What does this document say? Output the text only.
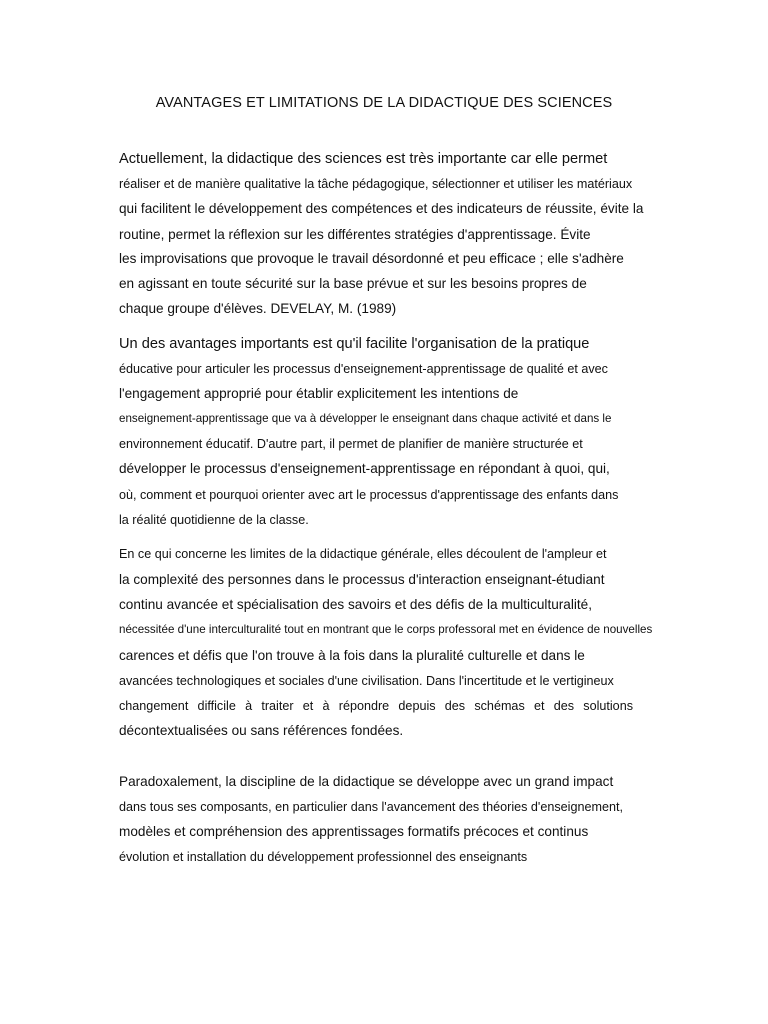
AVANTAGES ET LIMITATIONS DE LA DIDACTIQUE DES SCIENCES
Actuellement, la didactique des sciences est très importante car elle permet
réaliser et de manière qualitative la tâche pédagogique, sélectionner et utiliser les matériaux
qui facilitent le développement des compétences et des indicateurs de réussite, évite la
routine, permet la réflexion sur les différentes stratégies d'apprentissage. Évite
les improvisations que provoque le travail désordonné et peu efficace ; elle s'adhère
en agissant en toute sécurité sur la base prévue et sur les besoins propres de
chaque groupe d'élèves. DEVELAY, M. (1989)
Un des avantages importants est qu'il facilite l'organisation de la pratique
éducative pour articuler les processus d'enseignement-apprentissage de qualité et avec
l'engagement approprié pour établir explicitement les intentions de
enseignement-apprentissage que va à développer le enseignant dans chaque activité et dans le
environnement éducatif. D'autre part, il permet de planifier de manière structurée et
développer le processus d'enseignement-apprentissage en répondant à quoi, qui,
où, comment et pourquoi orienter avec art le processus d'apprentissage des enfants dans
la réalité quotidienne de la classe.
En ce qui concerne les limites de la didactique générale, elles découlent de l'ampleur et
la complexité des personnes dans le processus d'interaction enseignant-étudiant
continu avancée et spécialisation des savoirs et des défis de la multiculturalité,
nécessitée d'une interculturalité tout en montrant que le corps professoral met en évidence de nouvelles
carences et défis que l'on trouve à la fois dans la pluralité culturelle et dans le
avancées technologiques et sociales d'une civilisation. Dans l'incertitude et le vertigineux
changement difficile à traiter et à répondre depuis des schémas et des solutions
décontextualisées ou sans références fondées.
Paradoxalement, la discipline de la didactique se développe avec un grand impact
dans tous ses composants, en particulier dans l'avancement des théories d'enseignement,
modèles et compréhension des apprentissages formatifs précoces et continus
évolution et installation du développement professionnel des enseignants
